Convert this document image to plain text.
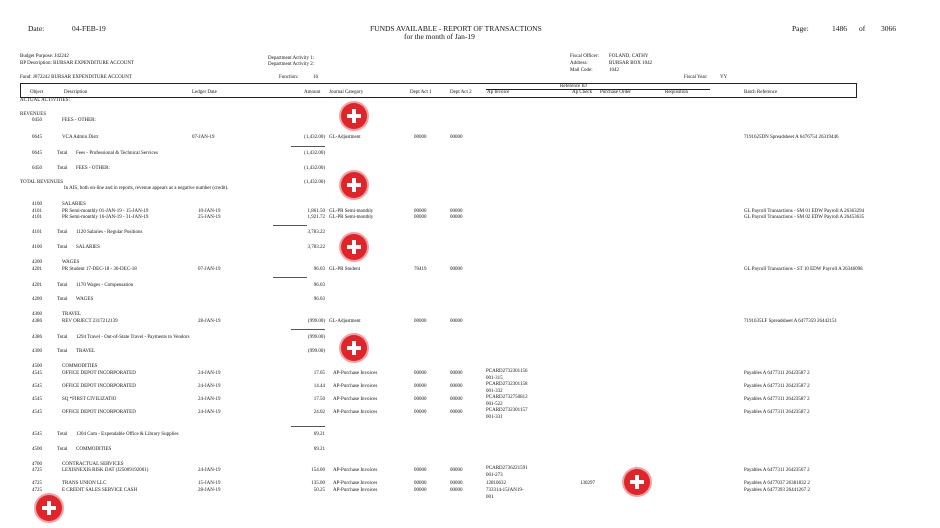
Date:	04-FEB-19	FUNDS AVAILABLE - REPORT OF TRANSACTIONS
for the month of Jan-19
Page:	1486 of 3066
Budget Purpose: J42242
BP Description: BURSAR EXPENDITURE ACCOUNT
Department Activity 1:
Department Activity 2:
Fiscal Officer: FOLAND, CATHY
Address:	BURSAR BOX 1042
Mail Code:	1042
Fund: J072242 BURSAR EXPENDITURE ACCOUNT	Function:	16	Fiscal Year: YY
Reference ID
Object	Description	Ledger Date	Amount Journal Category	Dept Act 1	Dept Act 2	Ap Invoice	Ap Check Purchase Order	Requisition	Batch Reference
ACTUAL ACTIVITIES:
REVENUES
0450	FEES - OTHER:
0645	VCA Admin Distr	07-JAN-19	(1,432.00) GL-Adjustment	00000	00000	7191625DN Spreadsheet A 6476754 26319446
0645	Total Fees - Professional & Technical Services	(1,432.00)
0450	Total FEES - OTHER:	(1,432.00)
TOTAL REVENUES	(1,432.00)
In AIS, both on-line and in reports, revenue appears as a negative number (credit).
4100	SALARIES
4101	PR Semi-monthly 01-JAN-19 - 15-JAN-19	10-JAN-19	1,861.50 GL-PR Semi-monthly	00000	00000	GL Payroll Transactions - SM 01 EDW Payroll A 26363294
4101	PR Semi-monthly 16-JAN-19 - 31-JAN-19	25-JAN-19	1,921.72 GL-PR Semi-monthly	00000	00000	GL Payroll Transactions - SM 02 EDW Payroll A 26453635
4101	Total 1120 Salaries - Regular Positions	3,783.22
4100	Total SALARIES	3,783.22
4200	WAGES
4201	PR Student 17-DEC-18 - 30-DEC-18	07-JAN-19	96.03 GL-PR Student	70419	00000	GL Payroll Transactions - ST 10 EDW Payroll A 26346098
4201	Total 1170 Wages - Compensation	96.03
4200	Total WAGES	96.03
4300	TRAVEL
4386	REV OBJECT 2317212139	28-JAN-19	(999.00) GL-Adjustment	00000	00000	7191635LF Spreadsheet A 6477359 26442151
4386	Total 1294 Travel - Out-of-State Travel - Payments to Vendors	(999.00)
4300	Total TRAVEL	(999.00)
4500	COMMODITIES
4545	OFFICE DEPOT INCORPORATED	24-JAN-19	17.05 AP-Purchase Invoices	00000	00000	PCARD2732301156
001-315
Payables A 6477311 26423587 2
4545	OFFICE DEPOT INCORPORATED	24-JAN-19	14.44 AP-Purchase Invoices	00000	00000	PCARD2732301158
001-332
Payables A 6477311 26423587 2
4545	SQ *FIRST CIVILIZATIO	24-JAN-19	17.50 AP-Purchase Invoices	00000	00000	PCARD2732750812
001-522
Payables A 6477311 26423587 2
4545	OFFICE DEPOT INCORPORATED	24-JAN-19	24.02 AP-Purchase Invoices	00000	00000	PCARD2732301157
001-331
Payables A 6477311 26423587 2
4545	Total 1304 Com - Expendable Office & Library Supplies	69.21
4500	Total COMMODITIES	69.21
4700	CONTRACTUAL SERVICES
4725	LEXISNEXIS RISK DAT (J25009192001)	24-JAN-19	154.00 AP-Purchase Invoices	00000	00000	PCARD2736221591
001-273
Payables A 6477311 26423567 2
4725	TRANS UNION LLC	15-JAN-19	135.00 AP-Purchase Invoices	00000	00000	12810632	130297	Payables A 6477037 26381832 2
4725	E CREDIT SALES SERVICE CASH	28-JAN-19	50.25 AP-Purchase Invoices	00000	00000	733314-15JAN19-
001
Payables A 6477393 26441267 2
